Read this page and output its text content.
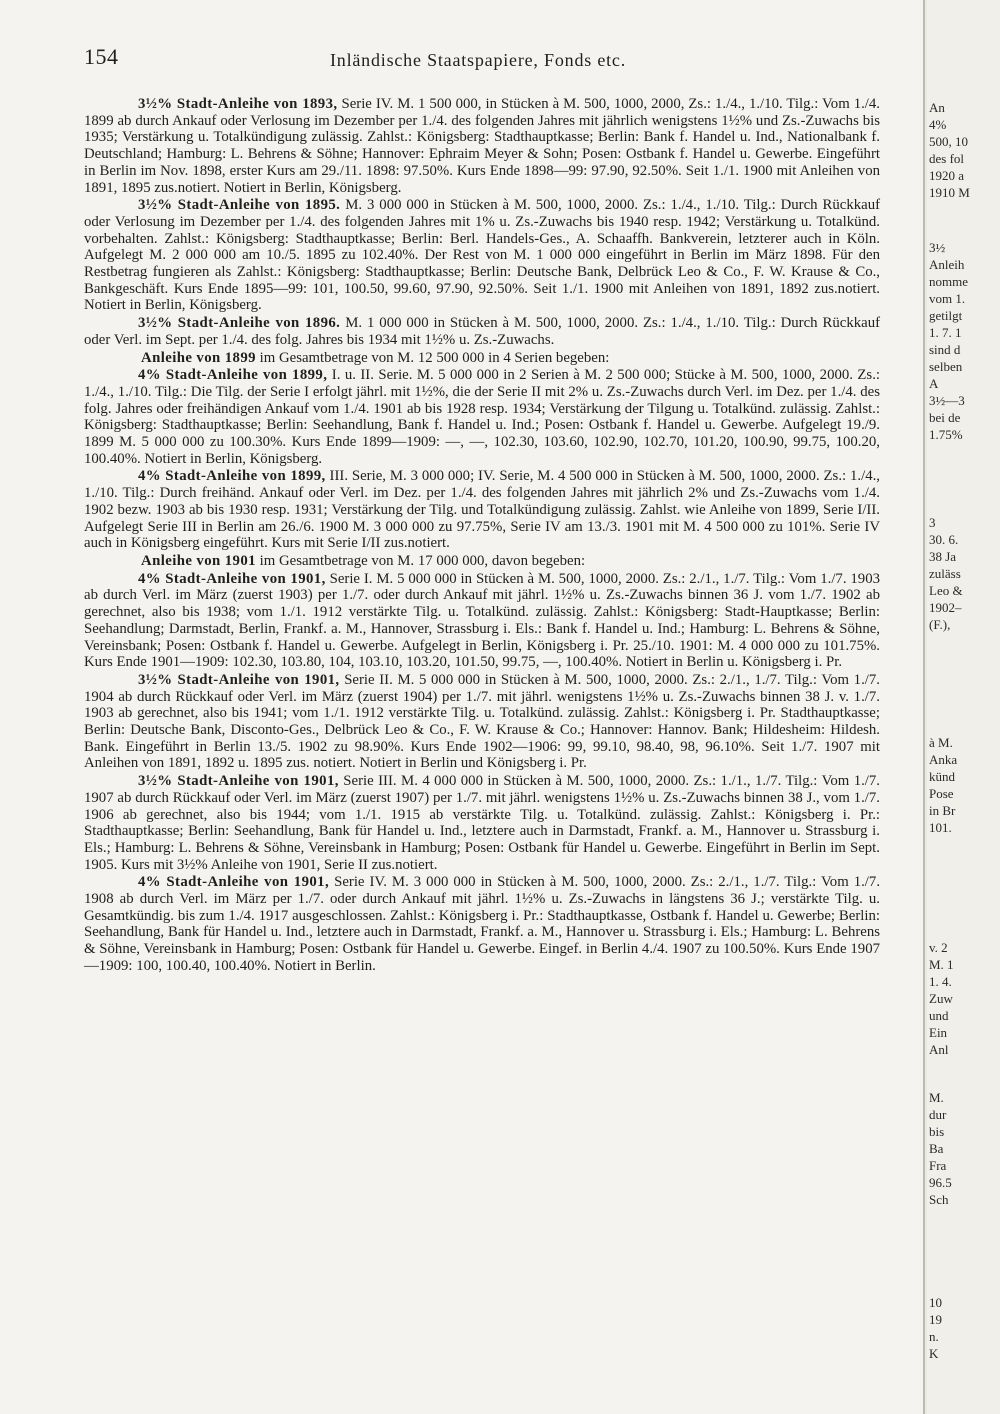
154	Inländische Staatspapiere, Fonds etc.

3½% Stadt-Anleihe von 1893, Serie IV. M. 1 500 000, in Stücken à M. 500, 1000, 2000, Zs.: 1./4., 1./10. Tilg.: Vom 1./4. 1899 ab durch Ankauf oder Verlosung im Dezember per 1./4. des folgenden Jahres mit jährlich wenigstens 1½% und Zs.-Zuwachs bis 1935; Verstärkung u. Totalkündigung zulässig. Zahlst.: Königsberg: Stadthauptkasse; Berlin: Bank f. Handel u. Ind., Nationalbank f. Deutschland; Hamburg: L. Behrens & Söhne; Hannover: Ephraim Meyer & Sohn; Posen: Ostbank f. Handel u. Gewerbe. Eingeführt in Berlin im Nov. 1898, erster Kurs am 29./11. 1898: 97.50%. Kurs Ende 1898—99: 97.90, 92.50%. Seit 1./1. 1900 mit Anleihen von 1891, 1895 zus.notiert. Notiert in Berlin, Königsberg.

3½% Stadt-Anleihe von 1895. M. 3 000 000 in Stücken à M. 500, 1000, 2000. Zs.: 1./4., 1./10. Tilg.: Durch Rückkauf oder Verlosung im Dezember per 1./4. des folgenden Jahres mit 1% u. Zs.-Zuwachs bis 1940 resp. 1942; Verstärkung u. Totalkünd. vorbehalten. Zahlst.: Königsberg: Stadthauptkasse; Berlin: Berl. Handels-Ges., A. Schaaffh. Bankverein, letzterer auch in Köln. Aufgelegt M. 2 000 000 am 10./5. 1895 zu 102.40%. Der Rest von M. 1 000 000 eingeführt in Berlin im März 1898. Für den Restbetrag fungieren als Zahlst.: Königsberg: Stadthauptkasse; Berlin: Deutsche Bank, Delbrück Leo & Co., F. W. Krause & Co., Bankgeschäft. Kurs Ende 1895—99: 101, 100.50, 99.60, 97.90, 92.50%. Seit 1./1. 1900 mit Anleihen von 1891, 1892 zus.notiert. Notiert in Berlin, Königsberg.

3½% Stadt-Anleihe von 1896. M. 1 000 000 in Stücken à M. 500, 1000, 2000. Zs.: 1./4., 1./10. Tilg.: Durch Rückkauf oder Verl. im Sept. per 1./4. des folg. Jahres bis 1934 mit 1½% u. Zs.-Zuwachs.

Anleihe von 1899 im Gesamtbetrage von M. 12 500 000 in 4 Serien begeben:

4% Stadt-Anleihe von 1899, I. u. II. Serie. M. 5 000 000 in 2 Serien à M. 2 500 000; Stücke à M. 500, 1000, 2000. Zs.: 1./4., 1./10. Tilg.: Die Tilg. der Serie I erfolgt jährl. mit 1½%, die der Serie II mit 2% u. Zs.-Zuwachs durch Verl. im Dez. per 1./4. des folg. Jahres oder freihändigen Ankauf vom 1./4. 1901 ab bis 1928 resp. 1934; Verstärkung der Tilgung u. Totalkünd. zulässig. Zahlst.: Königsberg: Stadthauptkasse; Berlin: Seehandlung, Bank f. Handel u. Ind.; Posen: Ostbank f. Handel u. Gewerbe. Aufgelegt 19./9. 1899 M. 5 000 000 zu 100.30%. Kurs Ende 1899—1909: —, —, 102.30, 103.60, 102.90, 102.70, 101.20, 100.90, 99.75, 100.20, 100.40%. Notiert in Berlin, Königsberg.

4% Stadt-Anleihe von 1899, III. Serie, M. 3 000 000; IV. Serie, M. 4 500 000 in Stücken à M. 500, 1000, 2000. Zs.: 1./4., 1./10. Tilg.: Durch freihänd. Ankauf oder Verl. im Dez. per 1./4. des folgenden Jahres mit jährlich 2% und Zs.-Zuwachs vom 1./4. 1902 bezw. 1903 ab bis 1930 resp. 1931; Verstärkung der Tilg. und Totalkündigung zulässig. Zahlst. wie Anleihe von 1899, Serie I/II. Aufgelegt Serie III in Berlin am 26./6. 1900 M. 3 000 000 zu 97.75%, Serie IV am 13./3. 1901 mit M. 4 500 000 zu 101%. Serie IV auch in Königsberg eingeführt. Kurs mit Serie I/II zus.notiert.

Anleihe von 1901 im Gesamtbetrage von M. 17 000 000, davon begeben:

4% Stadt-Anleihe von 1901, Serie I. M. 5 000 000 in Stücken à M. 500, 1000, 2000. Zs.: 2./1., 1./7. Tilg.: Vom 1./7. 1903 ab durch Verl. im März (zuerst 1903) per 1./7. oder durch Ankauf mit jährl. 1½% u. Zs.-Zuwachs binnen 36 J. vom 1./7. 1902 ab gerechnet, also bis 1938; vom 1./1. 1912 verstärkte Tilg. u. Totalkünd. zulässig. Zahlst.: Königsberg: Stadt-Hauptkasse; Berlin: Seehandlung; Darmstadt, Berlin, Frankf. a. M., Hannover, Strassburg i. Els.: Bank f. Handel u. Ind.; Hamburg: L. Behrens & Söhne, Vereinsbank; Posen: Ostbank f. Handel u. Gewerbe. Aufgelegt in Berlin, Königsberg i. Pr. 25./10. 1901: M. 4 000 000 zu 101.75%. Kurs Ende 1901—1909: 102.30, 103.80, 104, 103.10, 103.20, 101.50, 99.75, —, 100.40%. Notiert in Berlin u. Königsberg i. Pr.

3½% Stadt-Anleihe von 1901, Serie II. M. 5 000 000 in Stücken à M. 500, 1000, 2000. Zs.: 2./1., 1./7. Tilg.: Vom 1./7. 1904 ab durch Rückkauf oder Verl. im März (zuerst 1904) per 1./7. mit jährl. wenigstens 1½% u. Zs.-Zuwachs binnen 38 J. v. 1./7. 1903 ab gerechnet, also bis 1941; vom 1./1. 1912 verstärkte Tilg. u. Totalkünd. zulässig. Zahlst.: Königsberg i. Pr. Stadthauptkasse; Berlin: Deutsche Bank, Disconto-Ges., Delbrück Leo & Co., F. W. Krause & Co.; Hannover: Hannov. Bank; Hildesheim: Hildesh. Bank. Eingeführt in Berlin 13./5. 1902 zu 98.90%. Kurs Ende 1902—1906: 99, 99.10, 98.40, 98, 96.10%. Seit 1./7. 1907 mit Anleihen von 1891, 1892 u. 1895 zus. notiert. Notiert in Berlin und Königsberg i. Pr.

3½% Stadt-Anleihe von 1901, Serie III. M. 4 000 000 in Stücken à M. 500, 1000, 2000. Zs.: 1./1., 1./7. Tilg.: Vom 1./7. 1907 ab durch Rückkauf oder Verl. im März (zuerst 1907) per 1./7. mit jährl. wenigstens 1½% u. Zs.-Zuwachs binnen 38 J., vom 1./7. 1906 ab gerechnet, also bis 1944; vom 1./1. 1915 ab verstärkte Tilg. u. Totalkünd. zulässig. Zahlst.: Königsberg i. Pr.: Stadthauptkasse; Berlin: Seehandlung, Bank für Handel u. Ind., letztere auch in Darmstadt, Frankf. a. M., Hannover u. Strassburg i. Els.; Hamburg: L. Behrens & Söhne, Vereinsbank in Hamburg; Posen: Ostbank für Handel u. Gewerbe. Eingeführt in Berlin im Sept. 1905. Kurs mit 3½% Anleihe von 1901, Serie II zus.notiert.

4% Stadt-Anleihe von 1901, Serie IV. M. 3 000 000 in Stücken à M. 500, 1000, 2000. Zs.: 2./1., 1./7. Tilg.: Vom 1./7. 1908 ab durch Verl. im März per 1./7. oder durch Ankauf mit jährl. 1½% u. Zs.-Zuwachs in längstens 36 J.; verstärkte Tilg. u. Gesamtkündig. bis zum 1./4. 1917 ausgeschlossen. Zahlst.: Königsberg i. Pr.: Stadthauptkasse, Ostbank f. Handel u. Gewerbe; Berlin: Seehandlung, Bank für Handel u. Ind., letztere auch in Darmstadt, Frankf. a. M., Hannover u. Strassburg i. Els.; Hamburg: L. Behrens & Söhne, Vereinsbank in Hamburg; Posen: Ostbank für Handel u. Gewerbe. Eingef. in Berlin 4./4. 1907 zu 100.50%. Kurs Ende 1907—1909: 100, 100.40, 100.40%. Notiert in Berlin.

An
4%
500, 10
des fol
1920 a
1910 M
3½
Anleih
nomme
vom 1.
getilgt
1. 7. 1
sind d
selben
A
3½—3
bei de
1.75%
3
30. 6.
38 Ja
zuläss
Leo &
1902–
(F.),
à M.
Anka
künd
Pose
in Br
101.
v. 2
M. 1
1. 4.
Zuw
und
Ein
Anl
M.
dur
bis
Ba
Fra
96.5
Sch
10
19
n.
K
